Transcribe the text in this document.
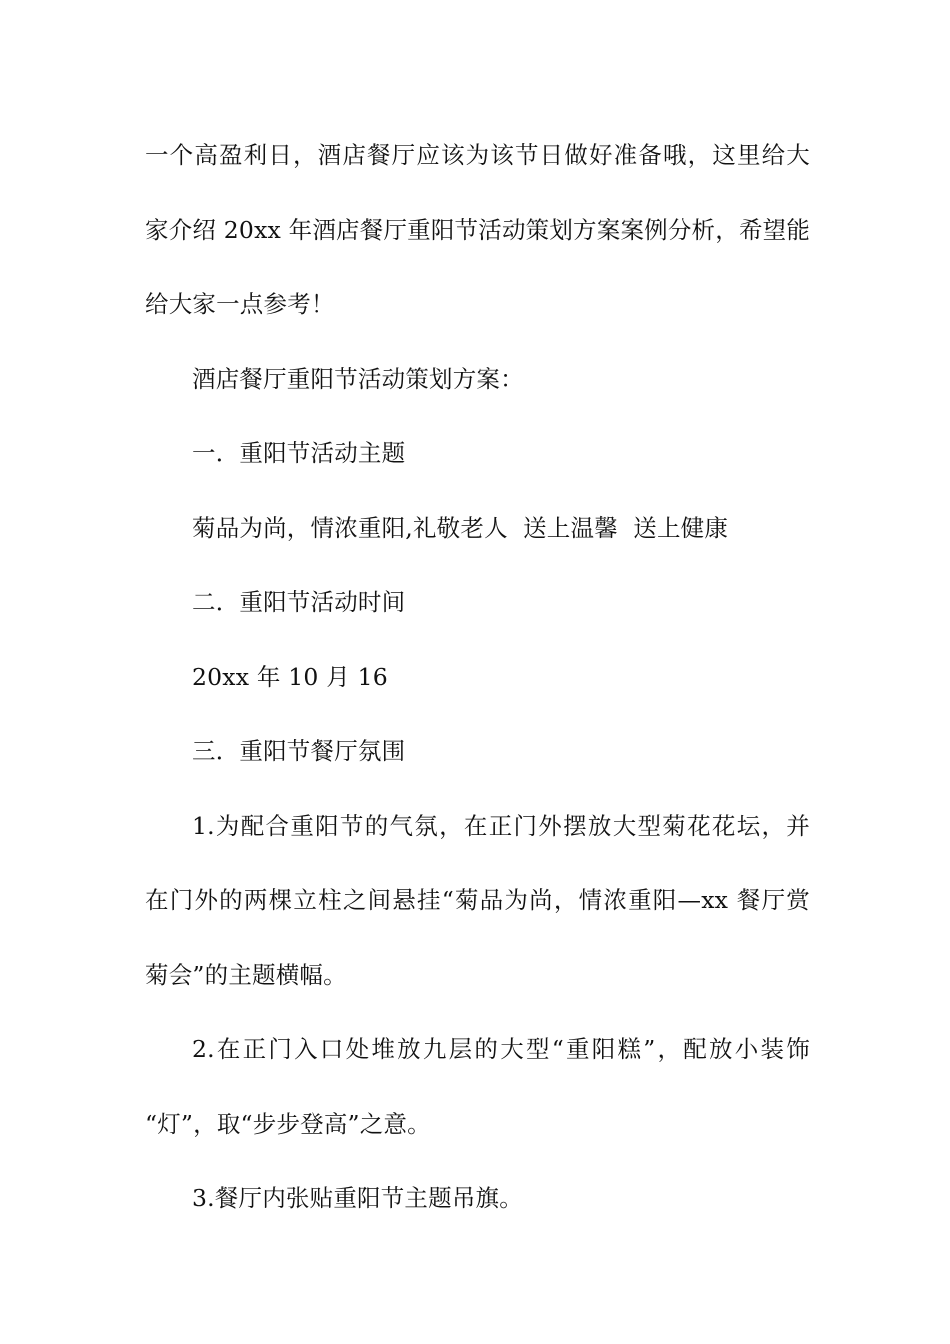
一个高盈利日，酒店餐厅应该为该节日做好准备哦，这里给大
家介绍 20xx 年酒店餐厅重阳节活动策划方案案例分析，希望能
给大家一点参考！
酒店餐厅重阳节活动策划方案：
一．重阳节活动主题
菊品为尚，情浓重阳,礼敬老人  送上温馨  送上健康
二．重阳节活动时间
20xx 年 10 月 16
三．重阳节餐厅氛围
1.为配合重阳节的气氛，在正门外摆放大型菊花花坛，并
在门外的两棵立柱之间悬挂“菊品为尚，情浓重阳—xx 餐厅赏
菊会”的主题横幅。
2.在正门入口处堆放九层的大型“重阳糕”，配放小装饰
“灯”，取“步步登高”之意。
3.餐厅内张贴重阳节主题吊旗。
